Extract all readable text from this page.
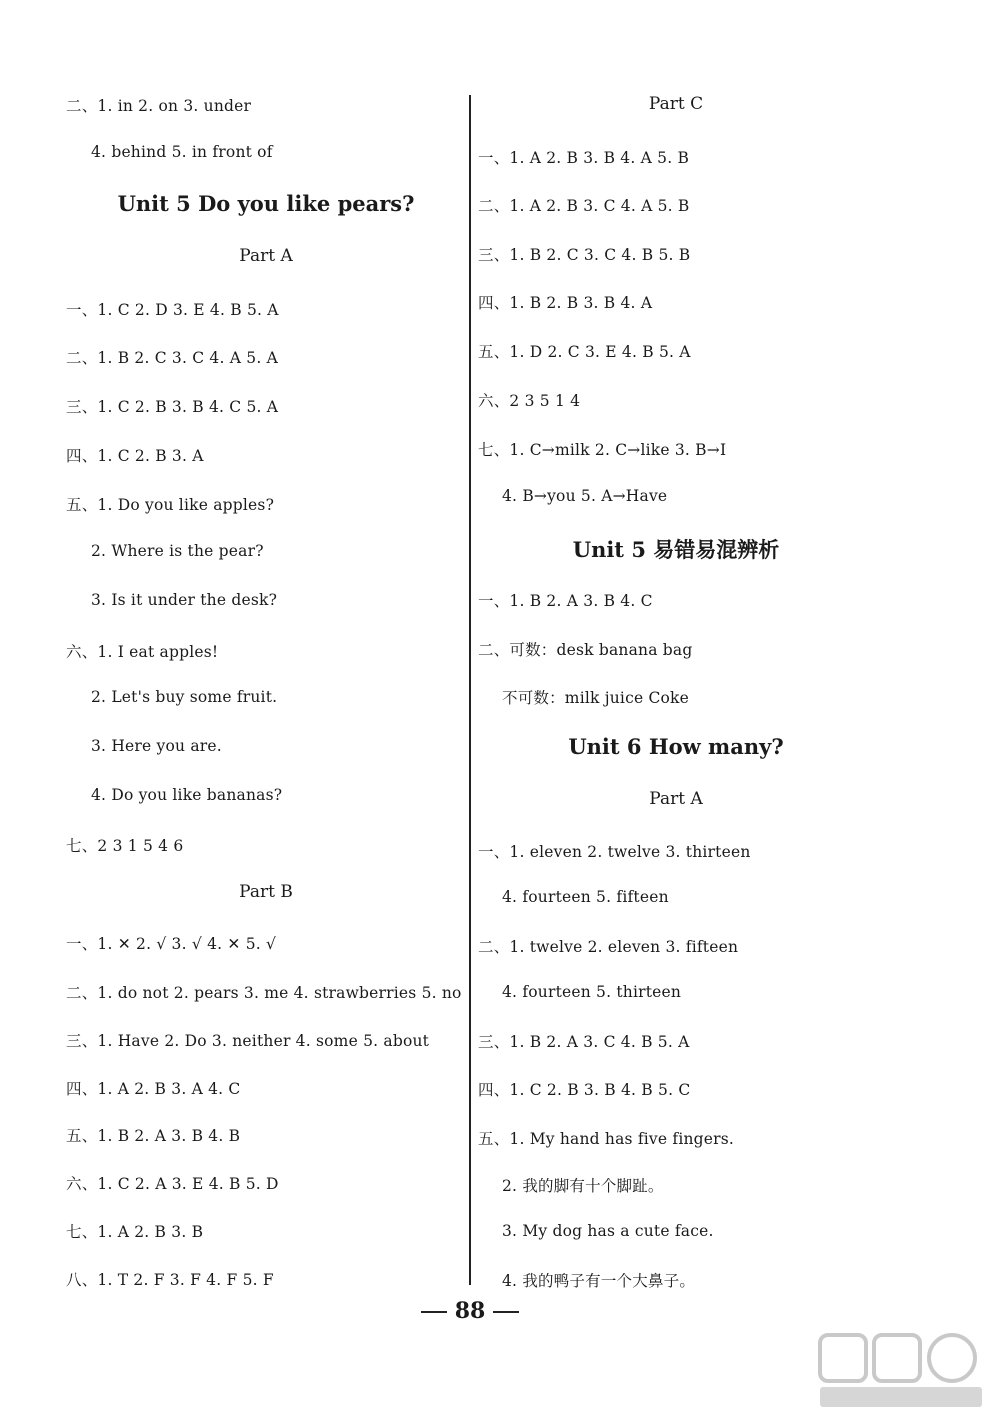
二、1. in 2. on 3. under
4. behind 5. in front of
Unit 5 Do you like pears?
Part A
一、1. C 2. D 3. E 4. B 5. A
二、1. B 2. C 3. C 4. A 5. A
三、1. C 2. B 3. B 4. C 5. A
四、1. C 2. B 3. A
五、1. Do you like apples?
2. Where is the pear?
3. Is it under the desk?
六、1. I eat apples!
2. Let's buy some fruit.
3. Here you are.
4. Do you like bananas?
七、2 3 1 5 4 6
Part B
一、1. ✕ 2. √ 3. √ 4. ✕ 5. √
二、1. do not 2. pears 3. me 4. strawberries 5. no
三、1. Have 2. Do 3. neither 4. some 5. about
四、1. A 2. B 3. A 4. C
五、1. B 2. A 3. B 4. B
六、1. C 2. A 3. E 4. B 5. D
七、1. A 2. B 3. B
八、1. T 2. F 3. F 4. F 5. F
Part C
一、1. A 2. B 3. B 4. A 5. B
二、1. A 2. B 3. C 4. A 5. B
三、1. B 2. C 3. C 4. B 5. B
四、1. B 2. B 3. B 4. A
五、1. D 2. C 3. E 4. B 5. A
六、2 3 5 1 4
七、1. C→milk 2. C→like 3. B→I
4. B→you 5. A→Have
Unit 5 易错易混辨析
一、1. B 2. A 3. B 4. C
二、可数：desk banana bag
不可数：milk juice Coke
Unit 6 How many?
Part A
一、1. eleven 2. twelve 3. thirteen
4. fourteen 5. fifteen
二、1. twelve 2. eleven 3. fifteen
4. fourteen 5. thirteen
三、1. B 2. A 3. C 4. B 5. A
四、1. C 2. B 3. B 4. B 5. C
五、1. My hand has five fingers.
2. 我的脚有十个脚趾。
3. My dog has a cute face.
4. 我的鸭子有一个大鼻子。
88
